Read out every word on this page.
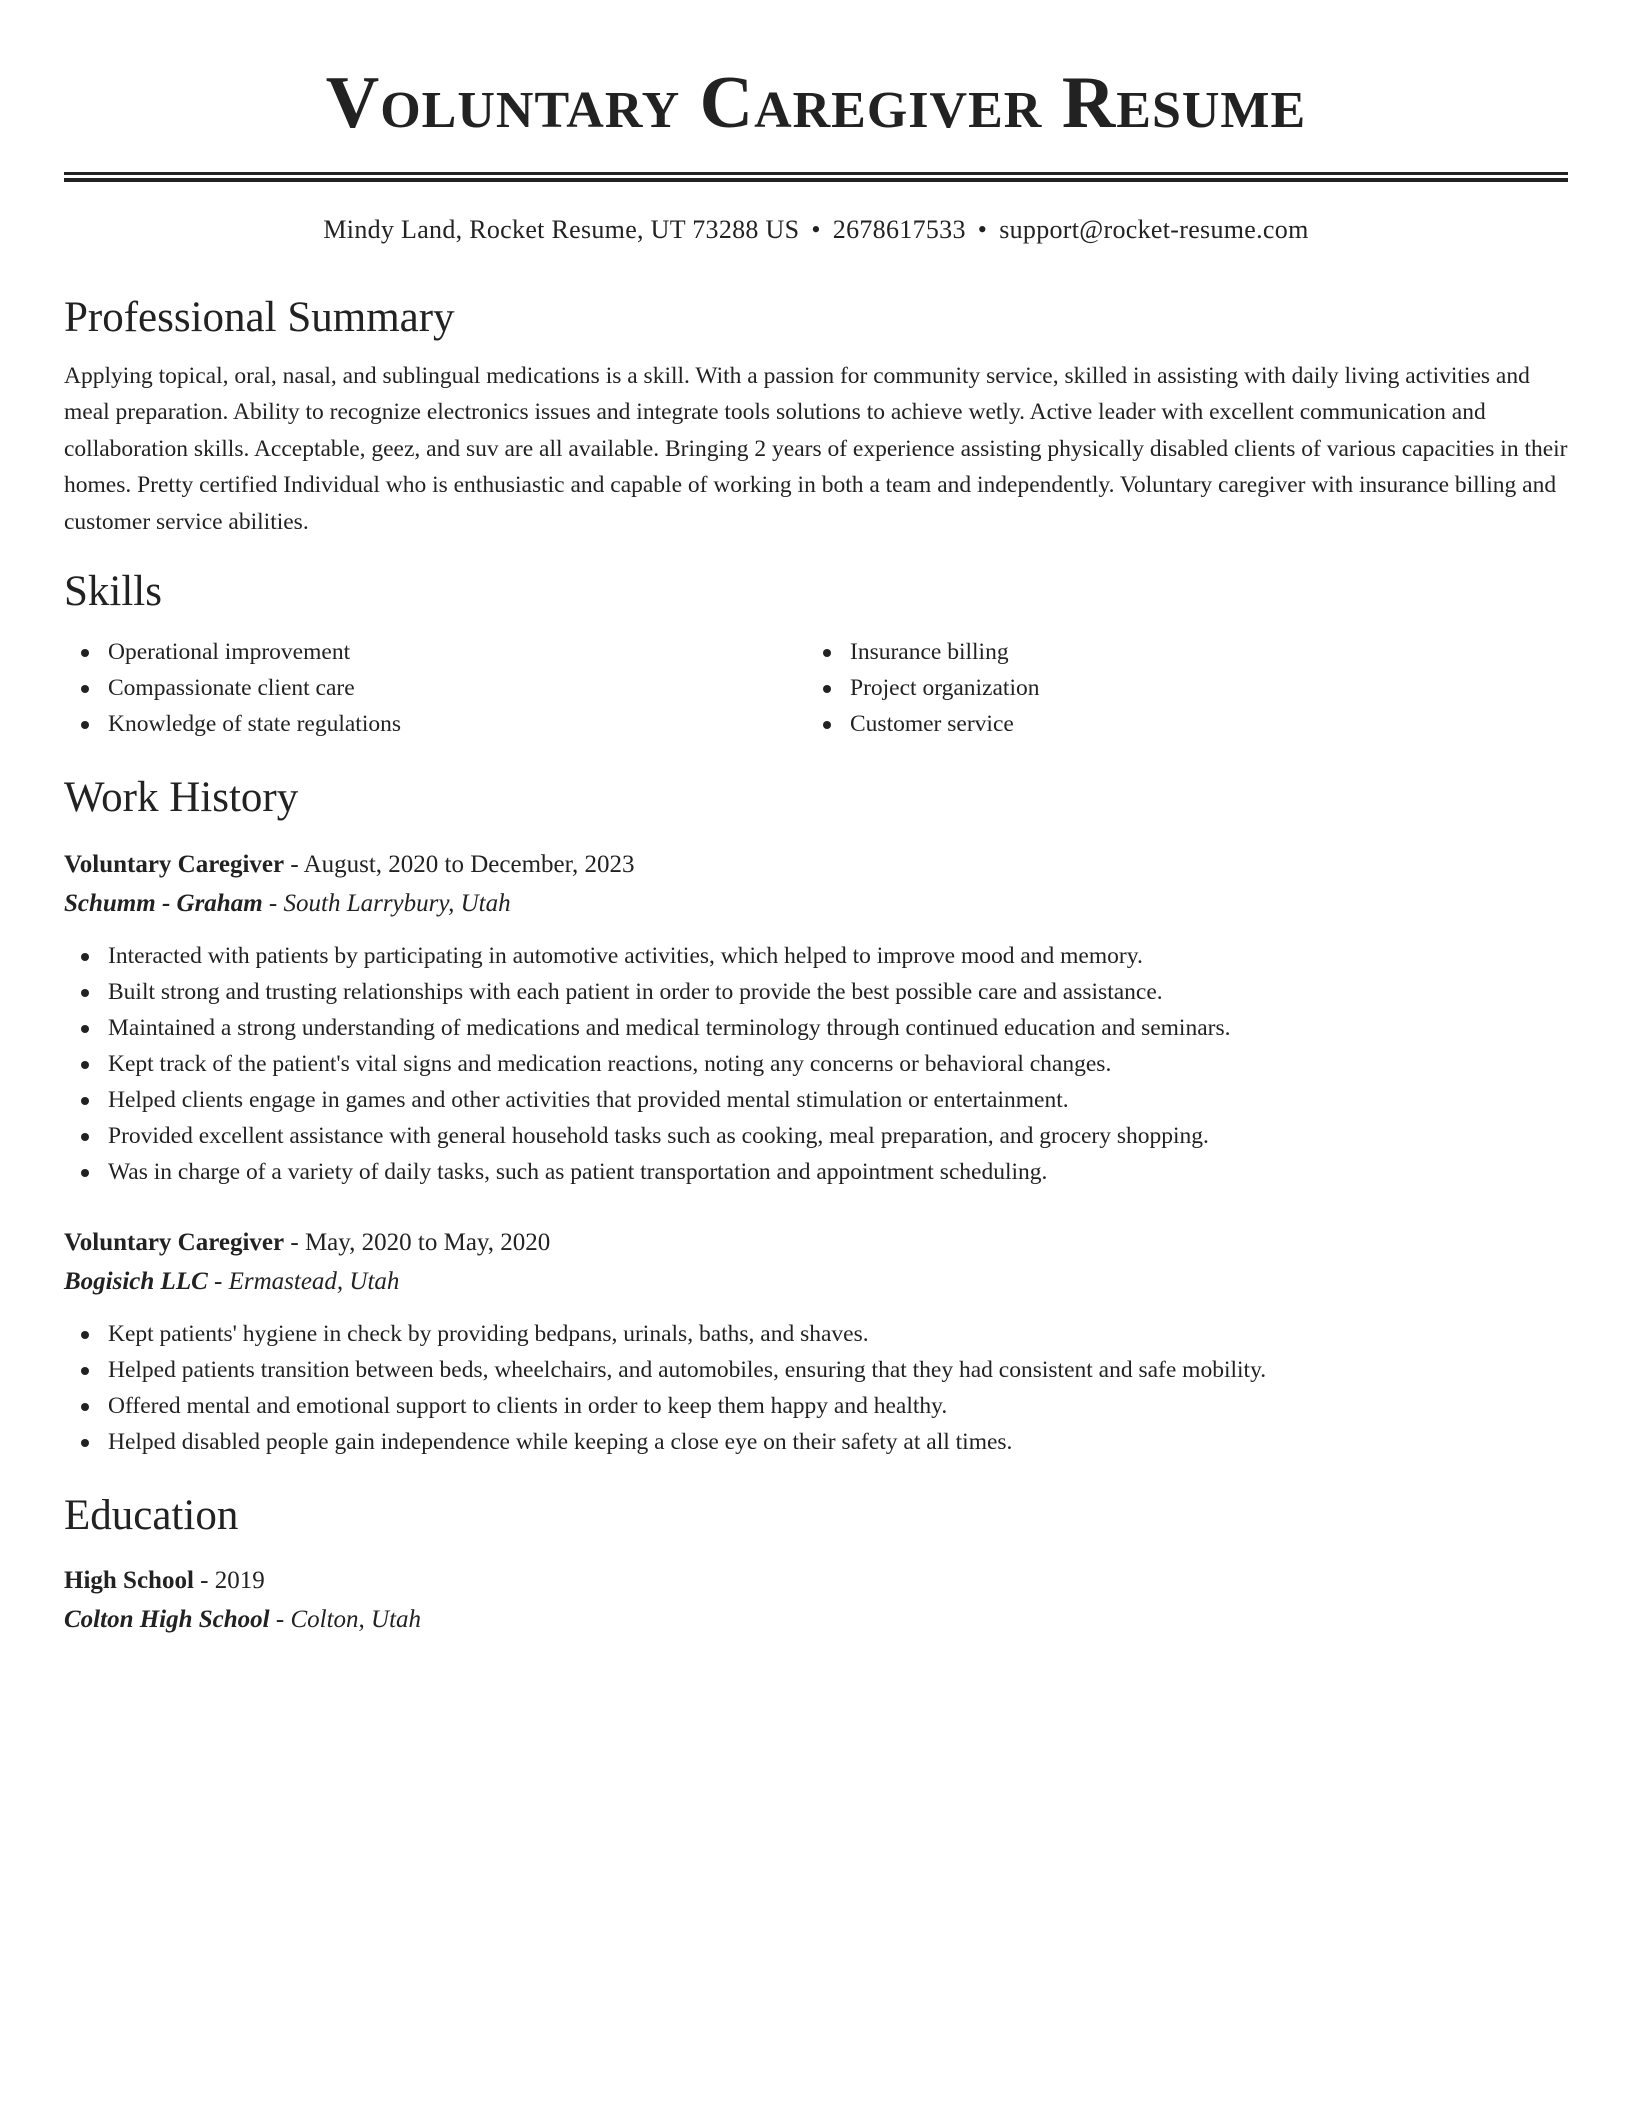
Voluntary Caregiver Resume
Mindy Land, Rocket Resume, UT 73288 US • 2678617533 • support@rocket-resume.com
Professional Summary

Applying topical, oral, nasal, and sublingual medications is a skill. With a passion for community service, skilled in assisting with daily living activities and meal preparation. Ability to recognize electronics issues and integrate tools solutions to achieve wetly. Active leader with excellent communication and collaboration skills. Acceptable, geez, and suv are all available. Bringing 2 years of experience assisting physically disabled clients of various capacities in their homes. Pretty certified Individual who is enthusiastic and capable of working in both a team and independently. Voluntary caregiver with insurance billing and customer service abilities.

Skills
Operational improvement
Compassionate client care
Knowledge of state regulations
Insurance billing
Project organization
Customer service
Work History
Voluntary Caregiver - August, 2020 to December, 2023
Schumm - Graham - South Larrybury, Utah
Interacted with patients by participating in automotive activities, which helped to improve mood and memory.
Built strong and trusting relationships with each patient in order to provide the best possible care and assistance.
Maintained a strong understanding of medications and medical terminology through continued education and seminars.
Kept track of the patient's vital signs and medication reactions, noting any concerns or behavioral changes.
Helped clients engage in games and other activities that provided mental stimulation or entertainment.
Provided excellent assistance with general household tasks such as cooking, meal preparation, and grocery shopping.
Was in charge of a variety of daily tasks, such as patient transportation and appointment scheduling.
Voluntary Caregiver - May, 2020 to May, 2020
Bogisich LLC - Ermastead, Utah
Kept patients' hygiene in check by providing bedpans, urinals, baths, and shaves.
Helped patients transition between beds, wheelchairs, and automobiles, ensuring that they had consistent and safe mobility.
Offered mental and emotional support to clients in order to keep them happy and healthy.
Helped disabled people gain independence while keeping a close eye on their safety at all times.
Education
High School - 2019
Colton High School - Colton, Utah
